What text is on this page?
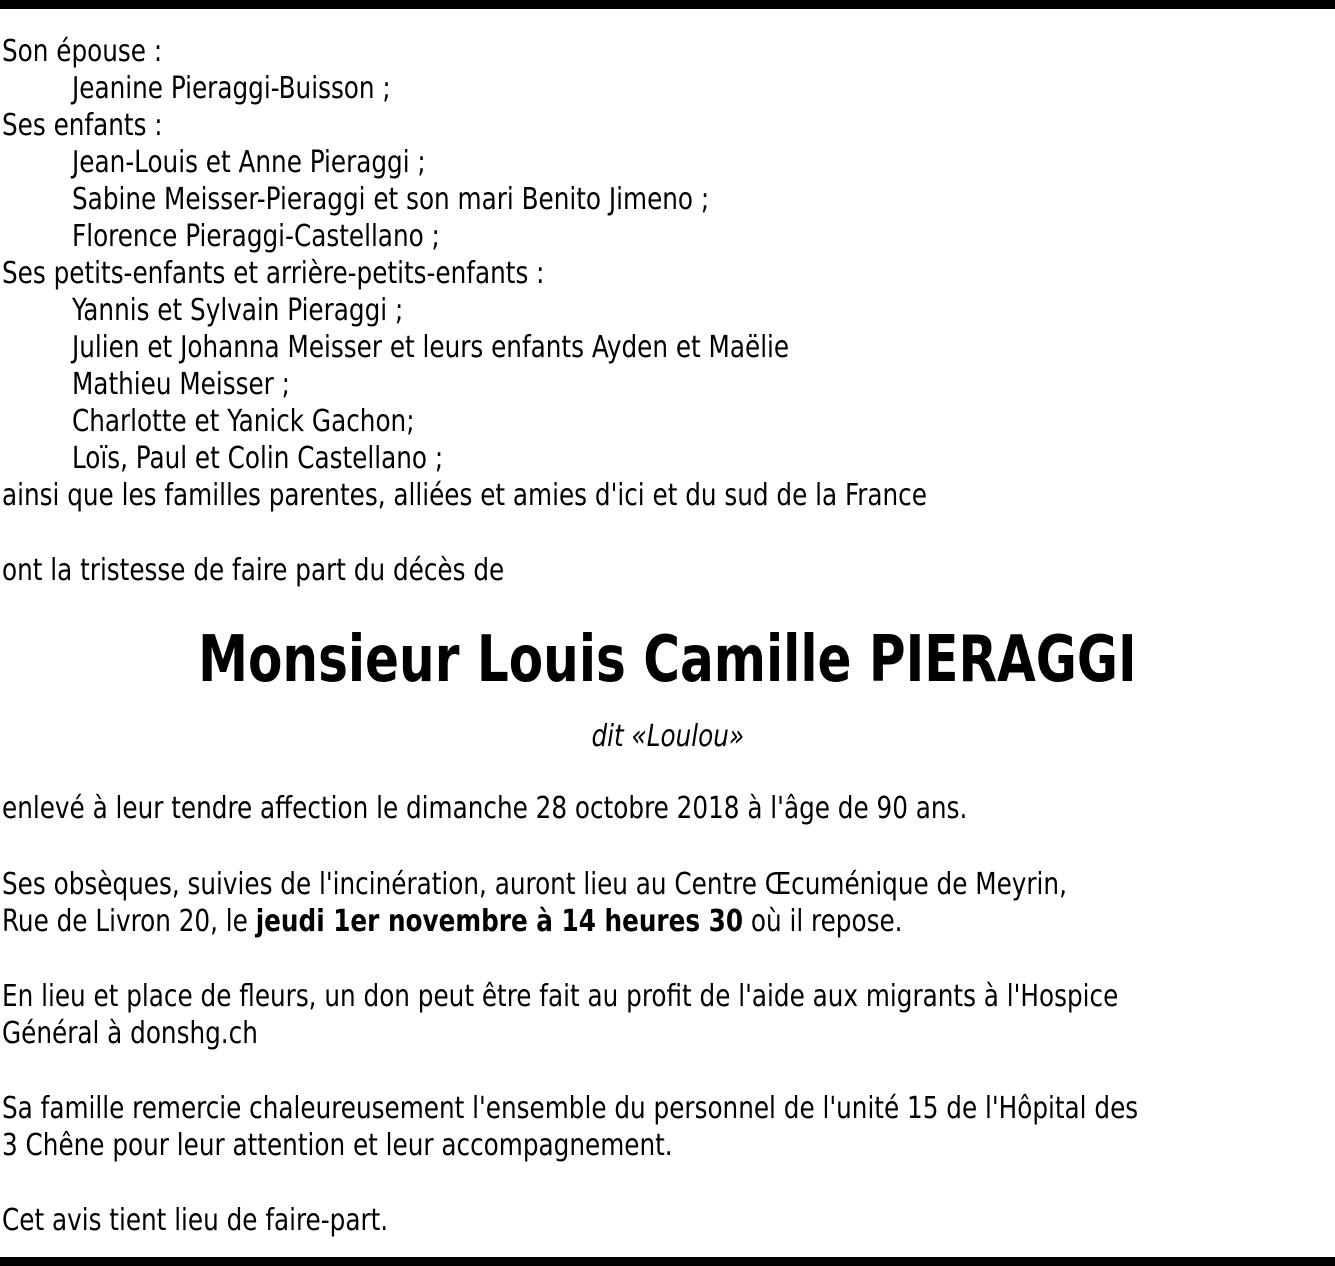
Son épouse :
Jeanine Pieraggi-Buisson ;
Ses enfants :
Jean-Louis et Anne Pieraggi ;
Sabine Meisser-Pieraggi et son mari Benito Jimeno ;
Florence Pieraggi-Castellano ;
Ses petits-enfants et arrière-petits-enfants :
Yannis et Sylvain Pieraggi ;
Julien et Johanna Meisser et leurs enfants Ayden et Maëlie
Mathieu Meisser ;
Charlotte et Yanick Gachon;
Loïs, Paul et Colin Castellano ;
ainsi que les familles parentes, alliées et amies d'ici et du sud de la France
ont la tristesse de faire part du décès de
Monsieur Louis Camille PIERAGGI
dit «Loulou»
enlevé à leur tendre affection le dimanche 28 octobre 2018 à l'âge de 90 ans.
Ses obsèques, suivies de l'incinération, auront lieu au Centre Œcuménique de Meyrin,
Rue de Livron 20, le jeudi 1er novembre à 14 heures 30 où il repose.
En lieu et place de fleurs, un don peut être fait au profit de l'aide aux migrants à l'Hospice
Général à donshg.ch
Sa famille remercie chaleureusement l'ensemble du personnel de l'unité 15 de l'Hôpital des
3 Chêne pour leur attention et leur accompagnement.
Cet avis tient lieu de faire-part.
